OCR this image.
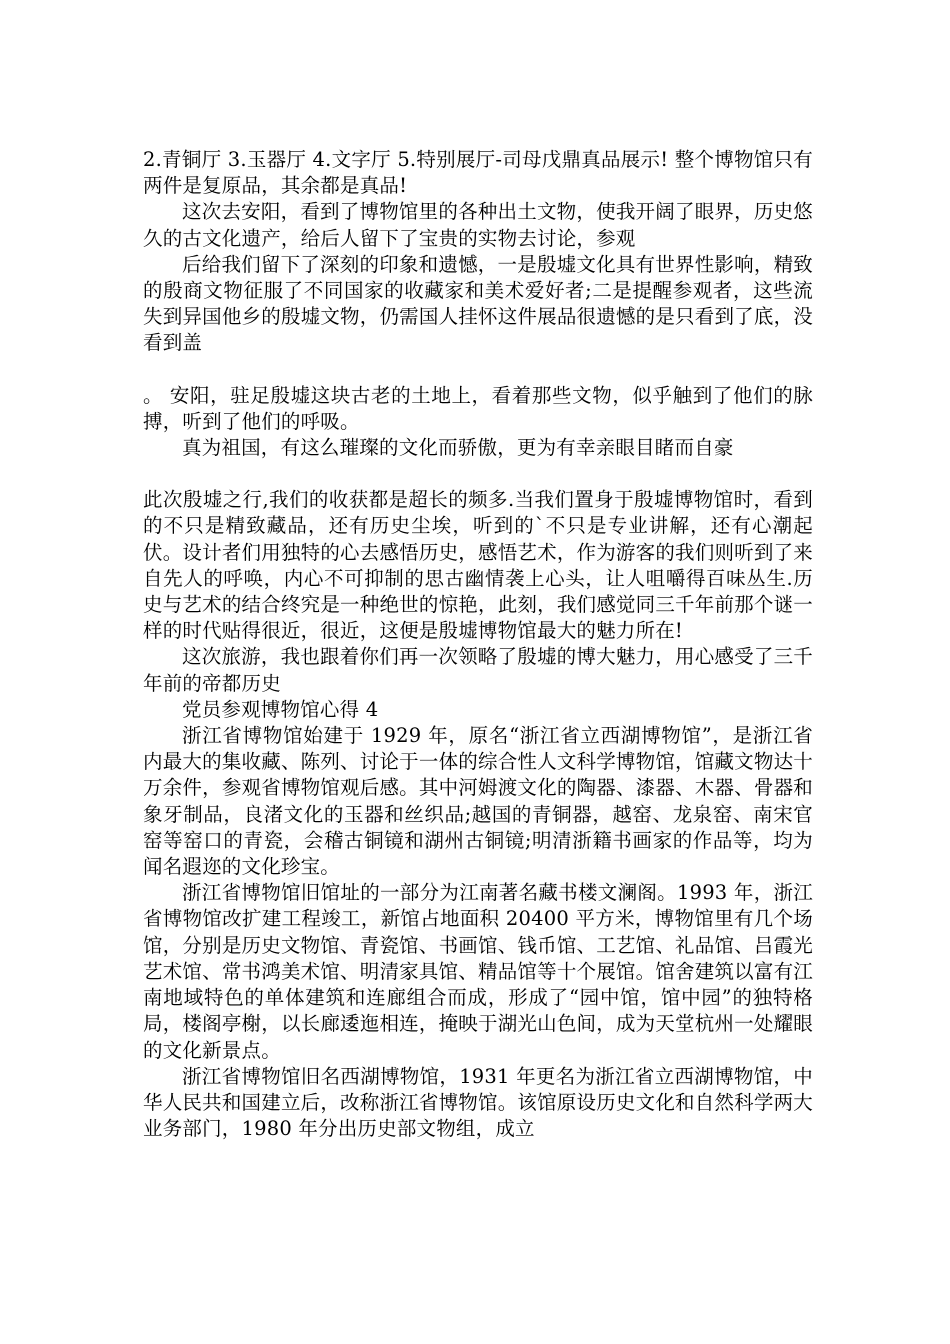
2.青铜厅 3.玉器厅 4.文字厅 5.特别展厅-司母戊鼎真品展示! 整个博物馆只有两件是复原品，其余都是真品!

这次去安阳，看到了博物馆里的各种出土文物，使我开阔了眼界，历史悠久的古文化遗产，给后人留下了宝贵的实物去讨论，参观

后给我们留下了深刻的印象和遗憾，一是殷墟文化具有世界性影响，精致的殷商文物征服了不同国家的收藏家和美术爱好者;二是提醒参观者，这些流失到异国他乡的殷墟文物，仍需国人挂怀这件展品很遗憾的是只看到了底，没看到盖

。 安阳，驻足殷墟这块古老的土地上，看着那些文物，似乎触到了他们的脉搏，听到了他们的呼吸。

真为祖国，有这么璀璨的文化而骄傲，更为有幸亲眼目睹而自豪

此次殷墟之行,我们的收获都是超长的频多.当我们置身于殷墟博物馆时，看到的不只是精致藏品，还有历史尘埃，听到的`不只是专业讲解，还有心潮起伏。设计者们用独特的心去感悟历史，感悟艺术，作为游客的我们则听到了来自先人的呼唤，内心不可抑制的思古幽情袭上心头，让人咀嚼得百味丛生.历史与艺术的结合终究是一种绝世的惊艳，此刻，我们感觉同三千年前那个谜一样的时代贴得很近，很近，这便是殷墟博物馆最大的魅力所在!

这次旅游，我也跟着你们再一次领略了殷墟的博大魅力，用心感受了三千年前的帝都历史

党员参观博物馆心得 4

浙江省博物馆始建于 1929 年，原名“浙江省立西湖博物馆”，是浙江省内最大的集收藏、陈列、讨论于一体的综合性人文科学博物馆，馆藏文物达十万余件，参观省博物馆观后感。其中河姆渡文化的陶器、漆器、木器、骨器和象牙制品，良渚文化的玉器和丝织品;越国的青铜器，越窑、龙泉窑、南宋官窑等窑口的青瓷，会稽古铜镜和湖州古铜镜;明清浙籍书画家的作品等，均为闻名遐迩的文化珍宝。

浙江省博物馆旧馆址的一部分为江南著名藏书楼文澜阁。1993 年，浙江省博物馆改扩建工程竣工，新馆占地面积 20400 平方米，博物馆里有几个场馆，分别是历史文物馆、青瓷馆、书画馆、钱币馆、工艺馆、礼品馆、吕霞光艺术馆、常书鸿美术馆、明清家具馆、精品馆等十个展馆。馆舍建筑以富有江南地域特色的单体建筑和连廊组合而成，形成了“园中馆，馆中园”的独特格局，楼阁亭榭，以长廊逶迤相连，掩映于湖光山色间，成为天堂杭州一处耀眼的文化新景点。

浙江省博物馆旧名西湖博物馆，1931 年更名为浙江省立西湖博物馆，中华人民共和国建立后，改称浙江省博物馆。该馆原设历史文化和自然科学两大业务部门，1980 年分出历史部文物组，成立
